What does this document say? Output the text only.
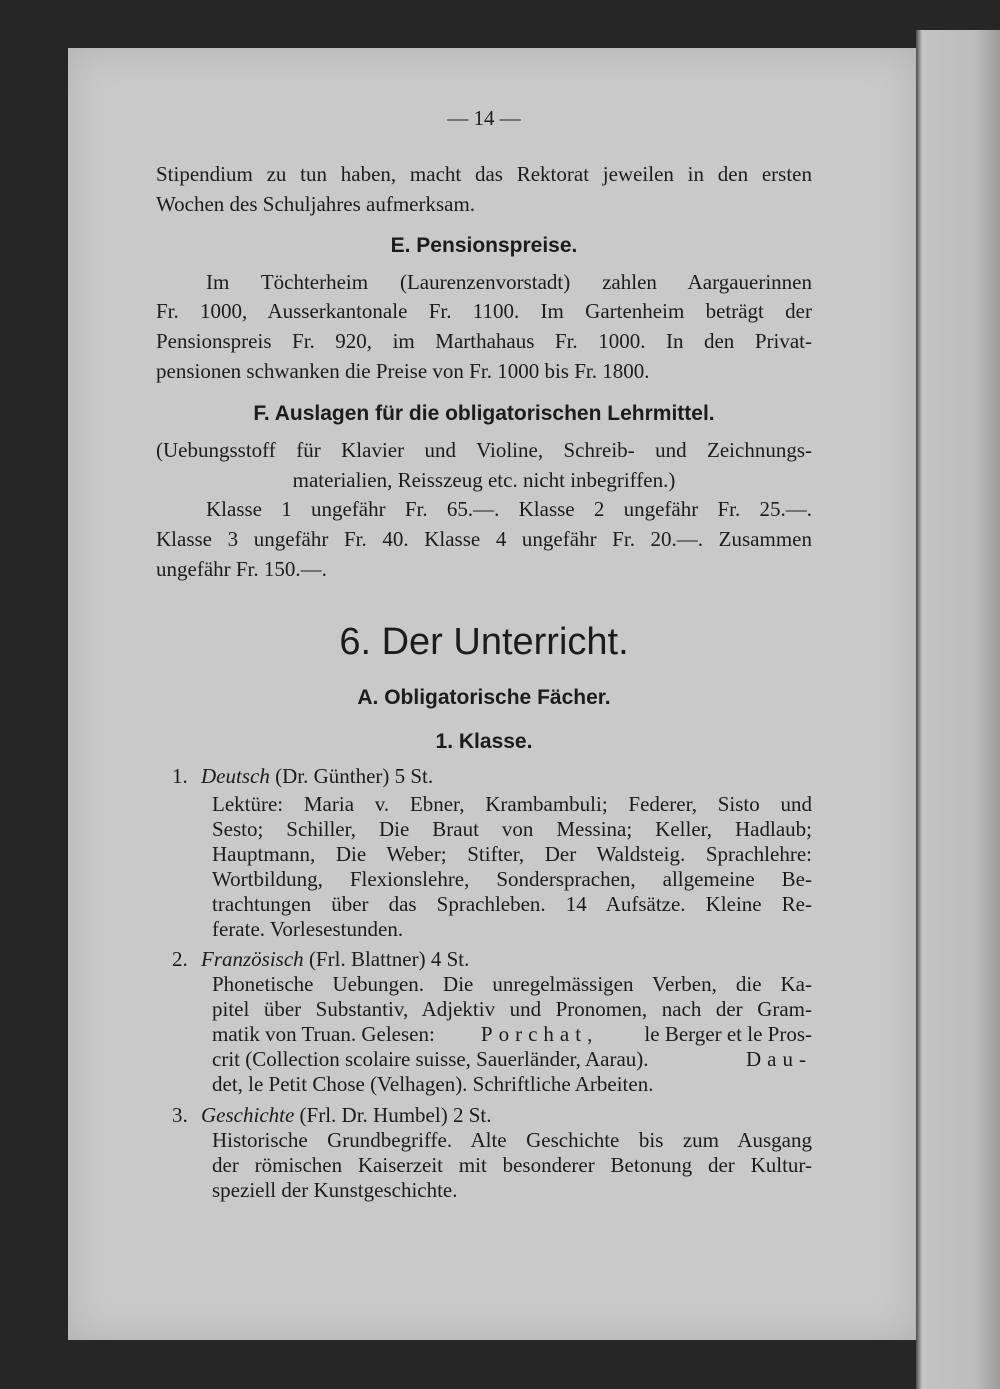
— 14 —
Stipendium zu tun haben, macht das Rektorat jeweilen in den ersten
Wochen des Schuljahres aufmerksam.
E. Pensionspreise.
Im Töchterheim (Laurenzenvorstadt) zahlen Aargauerinnen
Fr. 1000, Ausserkantonale Fr. 1100. Im Gartenheim beträgt der
Pensionspreis Fr. 920, im Marthahaus Fr. 1000. In den Privat-
pensionen schwanken die Preise von Fr. 1000 bis Fr. 1800.
F. Auslagen für die obligatorischen Lehrmittel.
(Uebungsstoff für Klavier und Violine, Schreib- und Zeichnungs-
materialien, Reisszeug etc. nicht inbegriffen.)
Klasse 1 ungefähr Fr. 65.—. Klasse 2 ungefähr Fr. 25.—.
Klasse 3 ungefähr Fr. 40. Klasse 4 ungefähr Fr. 20.—. Zusammen
ungefähr Fr. 150.—.
6. Der Unterricht.
A. Obligatorische Fächer.
1. Klasse.
1. Deutsch (Dr. Günther) 5 St.
Lektüre: Maria v. Ebner, Krambambuli; Federer, Sisto und
Sesto; Schiller, Die Braut von Messina; Keller, Hadlaub;
Hauptmann, Die Weber; Stifter, Der Waldsteig. Sprachlehre:
Wortbildung, Flexionslehre, Sondersprachen, allgemeine Be-
trachtungen über das Sprachleben. 14 Aufsätze. Kleine Re-
ferate. Vorlesestunden.
2. Französisch (Frl. Blattner) 4 St.
Phonetische Uebungen. Die unregelmässigen Verben, die Ka-
pitel über Substantiv, Adjektiv und Pronomen, nach der Gram-
matik von Truan. Gelesen: Porchat, le Berger et le Pros-
crit (Collection scolaire suisse, Sauerländer, Aarau).	Dau-
det, le Petit Chose (Velhagen). Schriftliche Arbeiten.
3. Geschichte (Frl. Dr. Humbel) 2 St.
Historische Grundbegriffe. Alte Geschichte bis zum Ausgang
der römischen Kaiserzeit mit besonderer Betonung der Kultur-
speziell der Kunstgeschichte.
